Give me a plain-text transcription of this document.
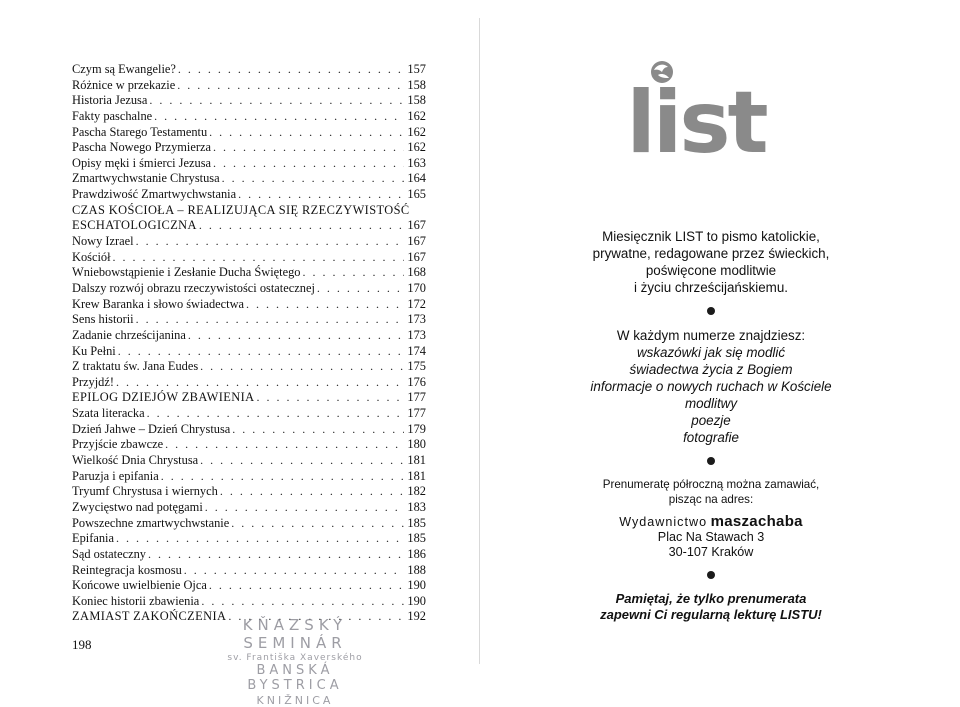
Czym są Ewangelie? . . .	157
Różnice w przekazie . . .	158
Historia Jezusa . . .	158
Fakty paschalne . . .	162
Pascha Starego Testamentu . . .	162
Pascha Nowego Przymierza . . .	162
Opisy męki i śmierci Jezusa . . .	163
Zmartwychwstanie Chrystusa . . .	164
Prawdziwość Zmartwychwstania . . .	165
CZAS KOŚCIOŁA – REALIZUJĄCA SIĘ RZECZYWISTOŚĆ
ESCHATOLOGICZNA . . .	167
Nowy Izrael . . .	167
Kościół . . .	167
Wniebowstąpienie i Zesłanie Ducha Świętego . . .	168
Dalszy rozwój obrazu rzeczywistości ostatecznej . . .	170
Krew Baranka i słowo świadectwa . . .	172
Sens historii . . .	173
Zadanie chrześcijanina . . .	173
Ku Pełni . . .	174
Z traktatu św. Jana Eudes . . .	175
Przyjdź! . . .	176
EPILOG DZIEJÓW ZBAWIENIA . . .	177
Szata literacka . . .	177
Dzień Jahwe – Dzień Chrystusa . . .	179
Przyjście zbawcze . . .	180
Wielkość Dnia Chrystusa . . .	181
Paruzja i epifania . . .	181
Tryumf Chrystusa i wiernych . . .	182
Zwycięstwo nad potęgami . . .	183
Powszechne zmartwychwstanie . . .	185
Epifania . . .	185
Sąd ostateczny . . .	186
Reintegracja kosmosu . . .	188
Końcowe uwielbienie Ojca . . .	190
Koniec historii zbawienia . . .	190
ZAMIAST ZAKOŃCZENIA . . .	192
198
KŇAZSKÝ SEMINÁR
sv. Františka Xaverského
BANSKÁ BYSTRICA
KNIŽNICA
list
Miesięcznik LIST to pismo katolickie,
prywatne, redagowane przez świeckich,
poświęcone modlitwie
i życiu chrześcijańskiemu.
W każdym numerze znajdziesz:
wskazówki jak się modlić
świadectwa życia z Bogiem
informacje o nowych ruchach w Kościele
modlitwy
poezje
fotografie
Prenumeratę półroczną można zamawiać,
pisząc na adres:
Wydawnictwo maszachaba
Plac Na Stawach 3
30-107 Kraków
Pamiętaj, że tylko prenumerata
zapewni Ci regularną lekturę LISTU!
